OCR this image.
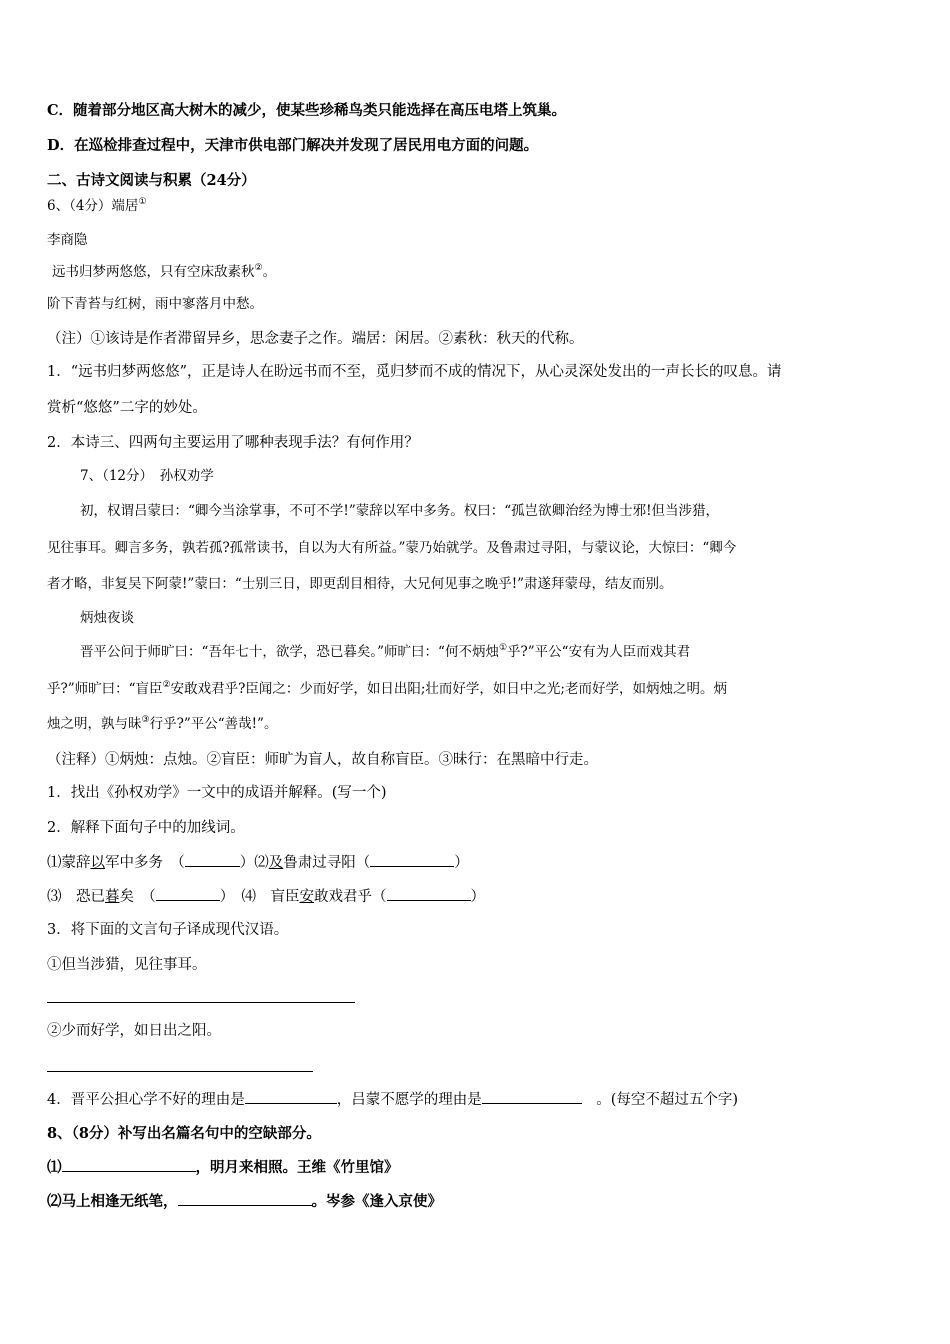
C．随着部分地区高大树木的减少，使某些珍稀鸟类只能选择在高压电塔上筑巢。
D．在巡检排查过程中，天津市供电部门解决并发现了居民用电方面的问题。
二、古诗文阅读与积累（24分）
6、（4分）端居①
李商隐
远书归梦两悠悠，只有空床敌素秋②。
阶下青苔与红树，雨中寥落月中愁。
（注）①该诗是作者滞留异乡，思念妻子之作。端居：闲居。②素秋：秋天的代称。
1．“远书归梦两悠悠”，正是诗人在盼远书而不至，觅归梦而不成的情况下，从心灵深处发出的一声长长的叹息。请
赏析“悠悠”二字的妙处。
2．本诗三、四两句主要运用了哪种表现手法？有何作用？
7、（12分）　孙权劝学
初，权谓吕蒙曰：“卿今当涂掌事，不可不学!”蒙辞以军中多务。权曰：“孤岂欲卿治经为博士邪!但当涉猎，
见往事耳。卿言多务，孰若孤?孤常读书，自以为大有所益。”蒙乃始就学。及鲁肃过寻阳，与蒙议论，大惊曰：“卿今
者才略，非复吴下阿蒙!”蒙曰：“士别三日，即更刮目相待，大兄何见事之晚乎!”肃遂拜蒙母，结友而别。
炳烛夜谈
晋平公问于师旷曰：“吾年七十，欲学，恐已暮矣。”师旷曰：“何不炳烛①乎?”平公“安有为人臣而戏其君
乎?”师旷曰：“盲臣②安敢戏君乎?臣闻之：少而好学，如日出阳;壮而好学，如日中之光;老而好学，如炳烛之明。炳
烛之明，孰与昧③行乎?”平公“善哉!”。
（注释）①炳烛：点烛。②盲臣：师旷为盲人，故自称盲臣。③昧行：在黑暗中行走。
1．找出《孙权劝学》一文中的成语并解释。(写一个)
2．解释下面句子中的加线词。
⑴蒙辞以军中多务　（	）⑵及鲁肃过寻阳（	）
⑶　恐已暮矣　（	）　⑷　盲臣安敢戏君乎（	）
3．将下面的文言句子译成现代汉语。
①但当涉猎，见往事耳。
②少而好学，如日出之阳。
4．晋平公担心学不好的理由是	，吕蒙不愿学的理由是	　。(每空不超过五个字)
8、（8分）补写出名篇名句中的空缺部分。
⑴	，明月来相照。王维《竹里馆》
⑵马上相逢无纸笔，	。岑参《逢入京使》
